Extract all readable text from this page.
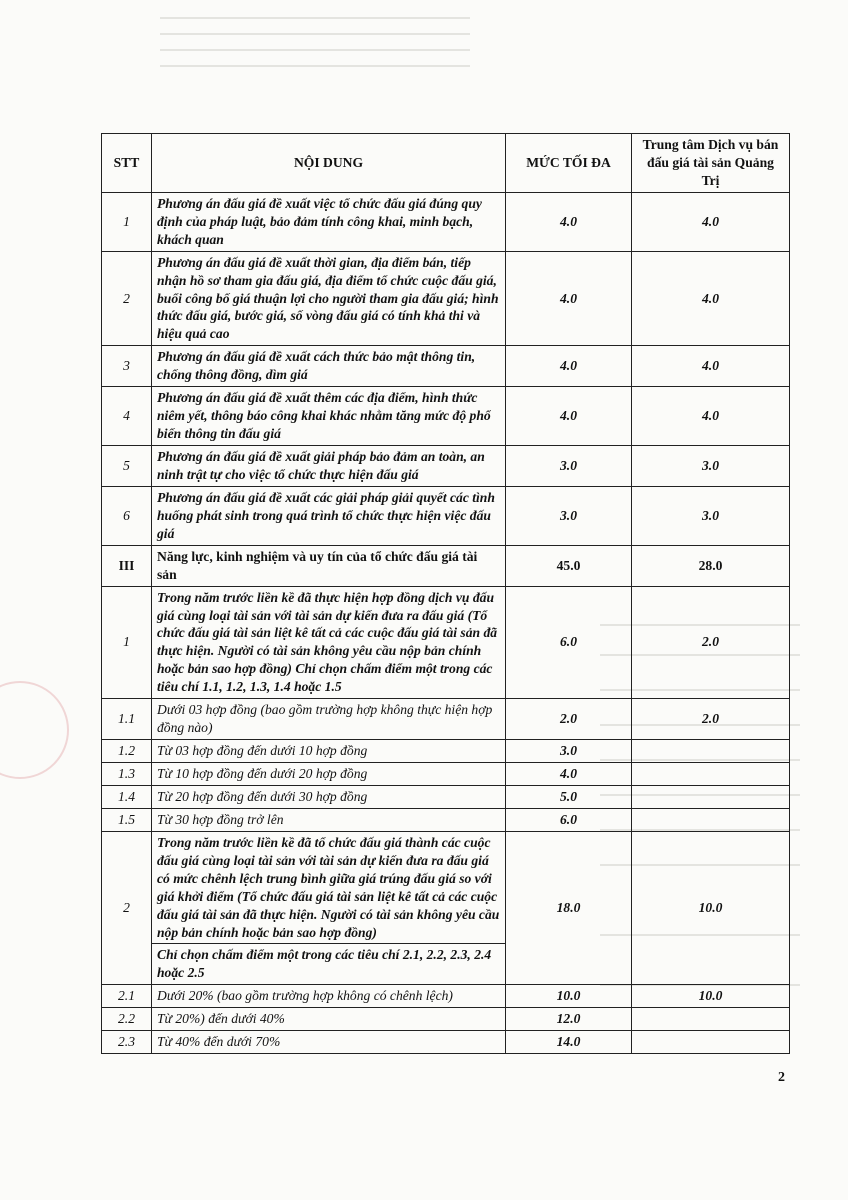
STT	NỘI DUNG	MỨC TỐI ĐA	Trung tâm Dịch vụ bán đấu giá tài sản Quảng Trị
1	Phương án đấu giá đề xuất việc tổ chức đấu giá đúng quy định của pháp luật, bảo đảm tính công khai, minh bạch, khách quan	4.0	4.0
2	Phương án đấu giá đề xuất thời gian, địa điểm bán, tiếp nhận hồ sơ tham gia đấu giá, địa điểm tổ chức cuộc đấu giá, buổi công bố giá thuận lợi cho người tham gia đấu giá; hình thức đấu giá, bước giá, số vòng đấu giá có tính khả thi và hiệu quả cao	4.0	4.0
3	Phương án đấu giá đề xuất cách thức bảo mật thông tin, chống thông đồng, dìm giá	4.0	4.0
4	Phương án đấu giá đề xuất thêm các địa điểm, hình thức niêm yết, thông báo công khai khác nhằm tăng mức độ phổ biến thông tin đấu giá	4.0	4.0
5	Phương án đấu giá đề xuất giải pháp bảo đảm an toàn, an ninh trật tự cho việc tổ chức thực hiện đấu giá	3.0	3.0
6	Phương án đấu giá đề xuất các giải pháp giải quyết các tình huống phát sinh trong quá trình tổ chức thực hiện việc đấu giá	3.0	3.0
III	Năng lực, kinh nghiệm và uy tín của tổ chức đấu giá tài sản	45.0	28.0
1	Trong năm trước liền kề đã thực hiện hợp đồng dịch vụ đấu giá cùng loại tài sản với tài sản dự kiến đưa ra đấu giá (Tổ chức đấu giá tài sản liệt kê tất cả các cuộc đấu giá tài sản đã thực hiện. Người có tài sản không yêu cầu nộp bản chính hoặc bản sao hợp đồng) Chỉ chọn chấm điểm một trong các tiêu chí 1.1, 1.2, 1.3, 1.4 hoặc 1.5	6.0	2.0
1.1	Dưới 03 hợp đồng (bao gồm trường hợp không thực hiện hợp đồng nào)	2.0	2.0
1.2	Từ 03 hợp đồng đến dưới 10 hợp đồng	3.0	
1.3	Từ 10 hợp đồng đến dưới 20 hợp đồng	4.0	
1.4	Từ 20 hợp đồng đến dưới 30 hợp đồng	5.0	
1.5	Từ 30 hợp đồng trở lên	6.0	
2	Trong năm trước liền kề đã tổ chức đấu giá thành các cuộc đấu giá cùng loại tài sản với tài sản dự kiến đưa ra đấu giá có mức chênh lệch trung bình giữa giá trúng đấu giá so với giá khởi điểm (Tổ chức đấu giá tài sản liệt kê tất cả các cuộc đấu giá tài sản đã thực hiện. Người có tài sản không yêu cầu nộp bản chính hoặc bản sao hợp đồng)	18.0	10.0
	Chỉ chọn chấm điểm một trong các tiêu chí 2.1, 2.2, 2.3, 2.4 hoặc 2.5		
2.1	Dưới 20% (bao gồm trường hợp không có chênh lệch)	10.0	10.0
2.2	Từ 20%) đến dưới 40%	12.0	
2.3	Từ 40% đến dưới 70%	14.0	
2
